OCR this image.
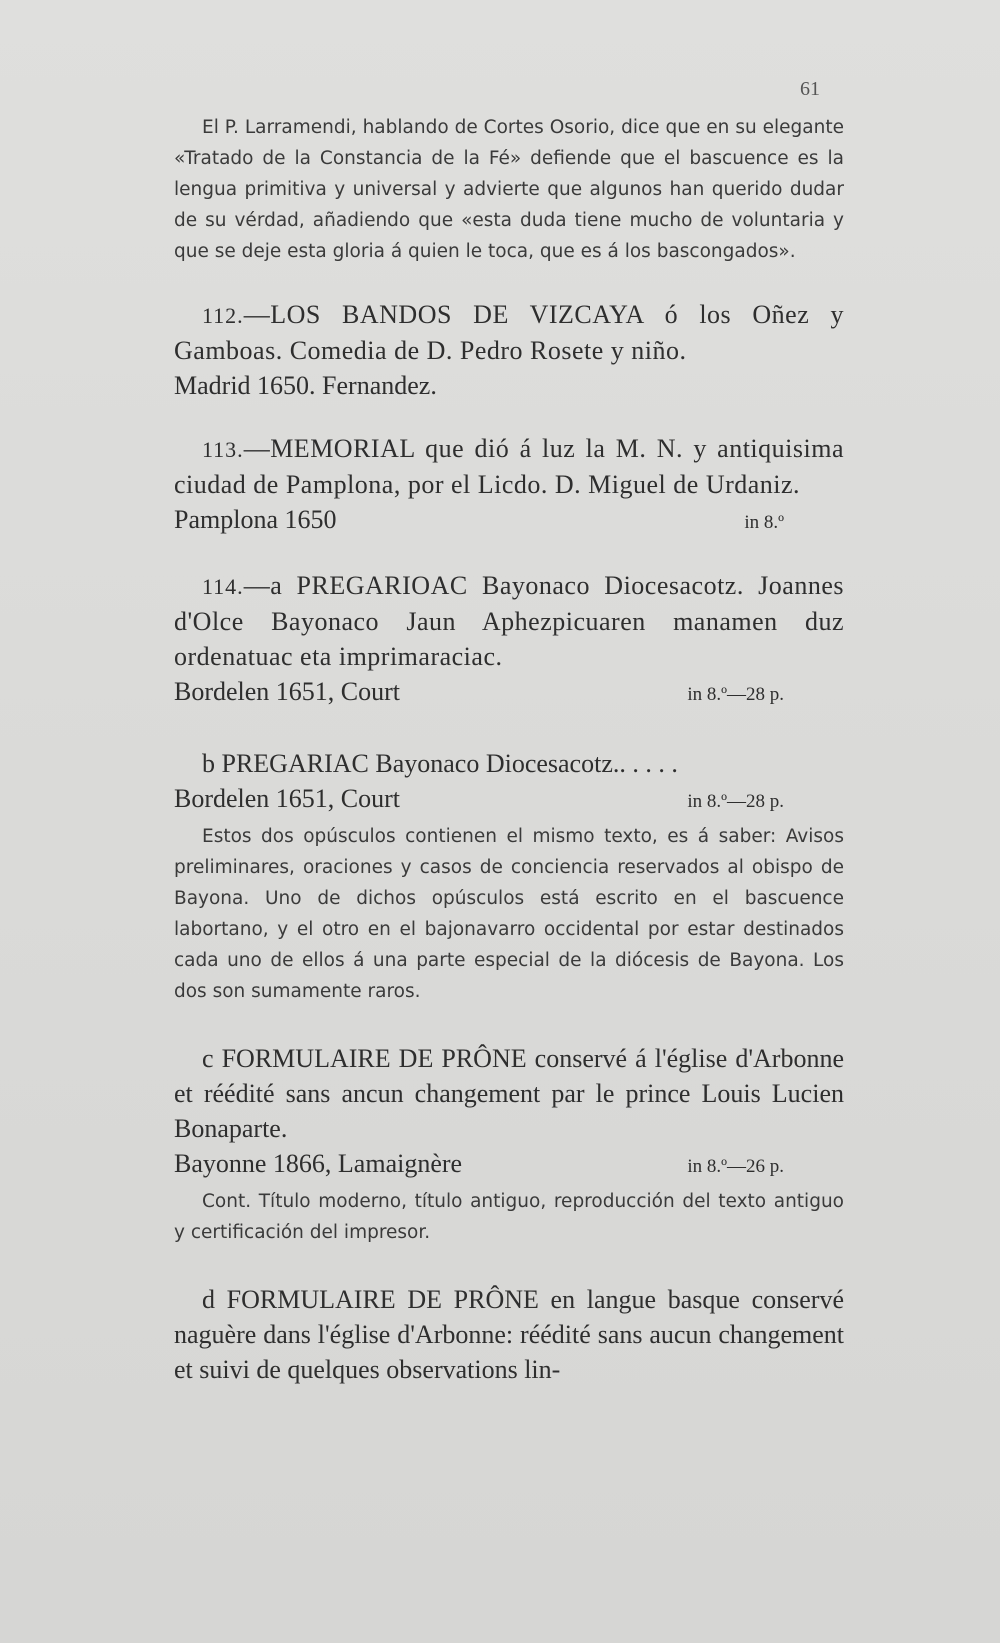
61

El P. Larramendi, hablando de Cortes Osorio, dice que en su elegante «Tratado de la Constancia de la Fé» defiende que el bascuence es la lengua primitiva y universal y advierte que algunos han querido dudar de su vérdad, añadiendo que «esta duda tiene mucho de voluntaria y que se deje esta gloria á quien le toca, que es á los bascongados».

112.—LOS BANDOS DE VIZCAYA ó los Oñez y Gamboas. Comedia de D. Pedro Rosete y niño.

Madrid 1650. Fernandez.

113.—MEMORIAL que dió á luz la M. N. y antiquisima ciudad de Pamplona, por el Licdo. D. Miguel de Urdaniz.

Pamplona 1650	in 8.º

114.—a PREGARIOAC Bayonaco Diocesacotz. Joannes d'Olce Bayonaco Jaun Aphezpicuaren manamen duz ordenatuac eta imprimaraciac.

Bordelen 1651, Court	in 8.º—28 p.

b PREGARIAC Bayonaco Diocesacotz.. . . . .

Bordelen 1651, Court	in 8.º—28 p.

Estos dos opúsculos contienen el mismo texto, es á saber: Avisos preliminares, oraciones y casos de conciencia reservados al obispo de Bayona. Uno de dichos opúsculos está escrito en el bascuence labortano, y el otro en el bajonavarro occidental por estar destinados cada uno de ellos á una parte especial de la diócesis de Bayona. Los dos son sumamente raros.

c FORMULAIRE DE PRÔNE conservé á l'église d'Arbonne et réédité sans ancun changement par le prince Louis Lucien Bonaparte.

Bayonne 1866, Lamaignère	in 8.º—26 p.

Cont. Título moderno, título antiguo, reproducción del texto antiguo y certificación del impresor.

d FORMULAIRE DE PRÔNE en langue basque conservé naguère dans l'église d'Arbonne: réédité sans aucun changement et suivi de quelques observations lin-
